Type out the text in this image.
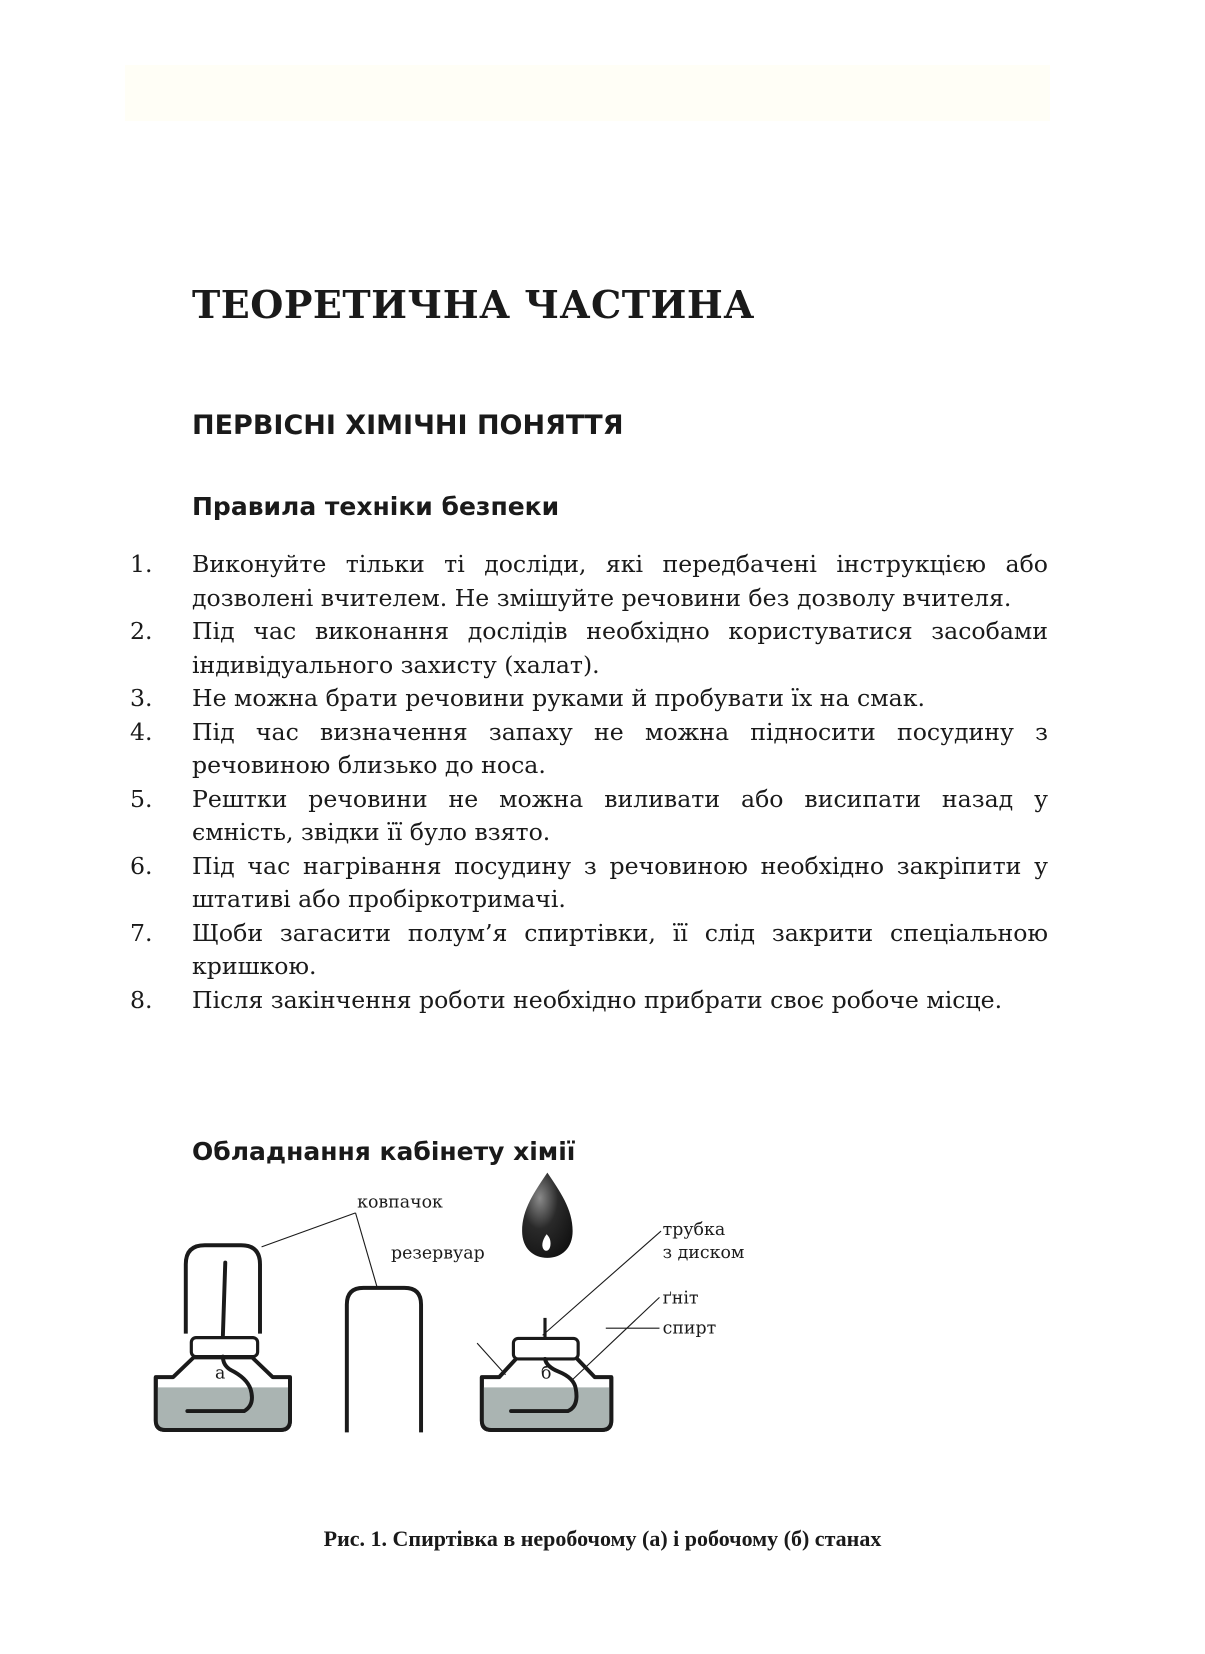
ТЕОРЕТИЧНА ЧАСТИНА
ПЕРВІСНІ ХІМІЧНІ ПОНЯТТЯ
Правила техніки безпеки
1. Виконуйте тільки ті досліди, які передбачені інструкцією або дозволені вчителем. Не змішуйте речовини без дозволу вчителя.
2. Під час виконання дослідів необхідно користуватися засобами індивідуального захисту (халат).
3. Не можна брати речовини руками й пробувати їх на смак.
4. Під час визначення запаху не можна підносити посудину з речовиною близько до носа.
5. Рештки речовини не можна виливати або висипати назад у ємність, звідки її було взято.
6. Під час нагрівання посудину з речовиною необхідно закріпити у штативі або пробіркотримачі.
7. Щоби загасити полум’я спиртівки, її слід закрити спеціальною кришкою.
8. Після закінчення роботи необхідно прибрати своє робоче місце.
Обладнання кабінету хімії
ковпачок
резервуар
трубка
з диском
ґніт
спирт
а	б

Рис. 1. Спиртівка в неробочому (а) і робочому (б) станах
